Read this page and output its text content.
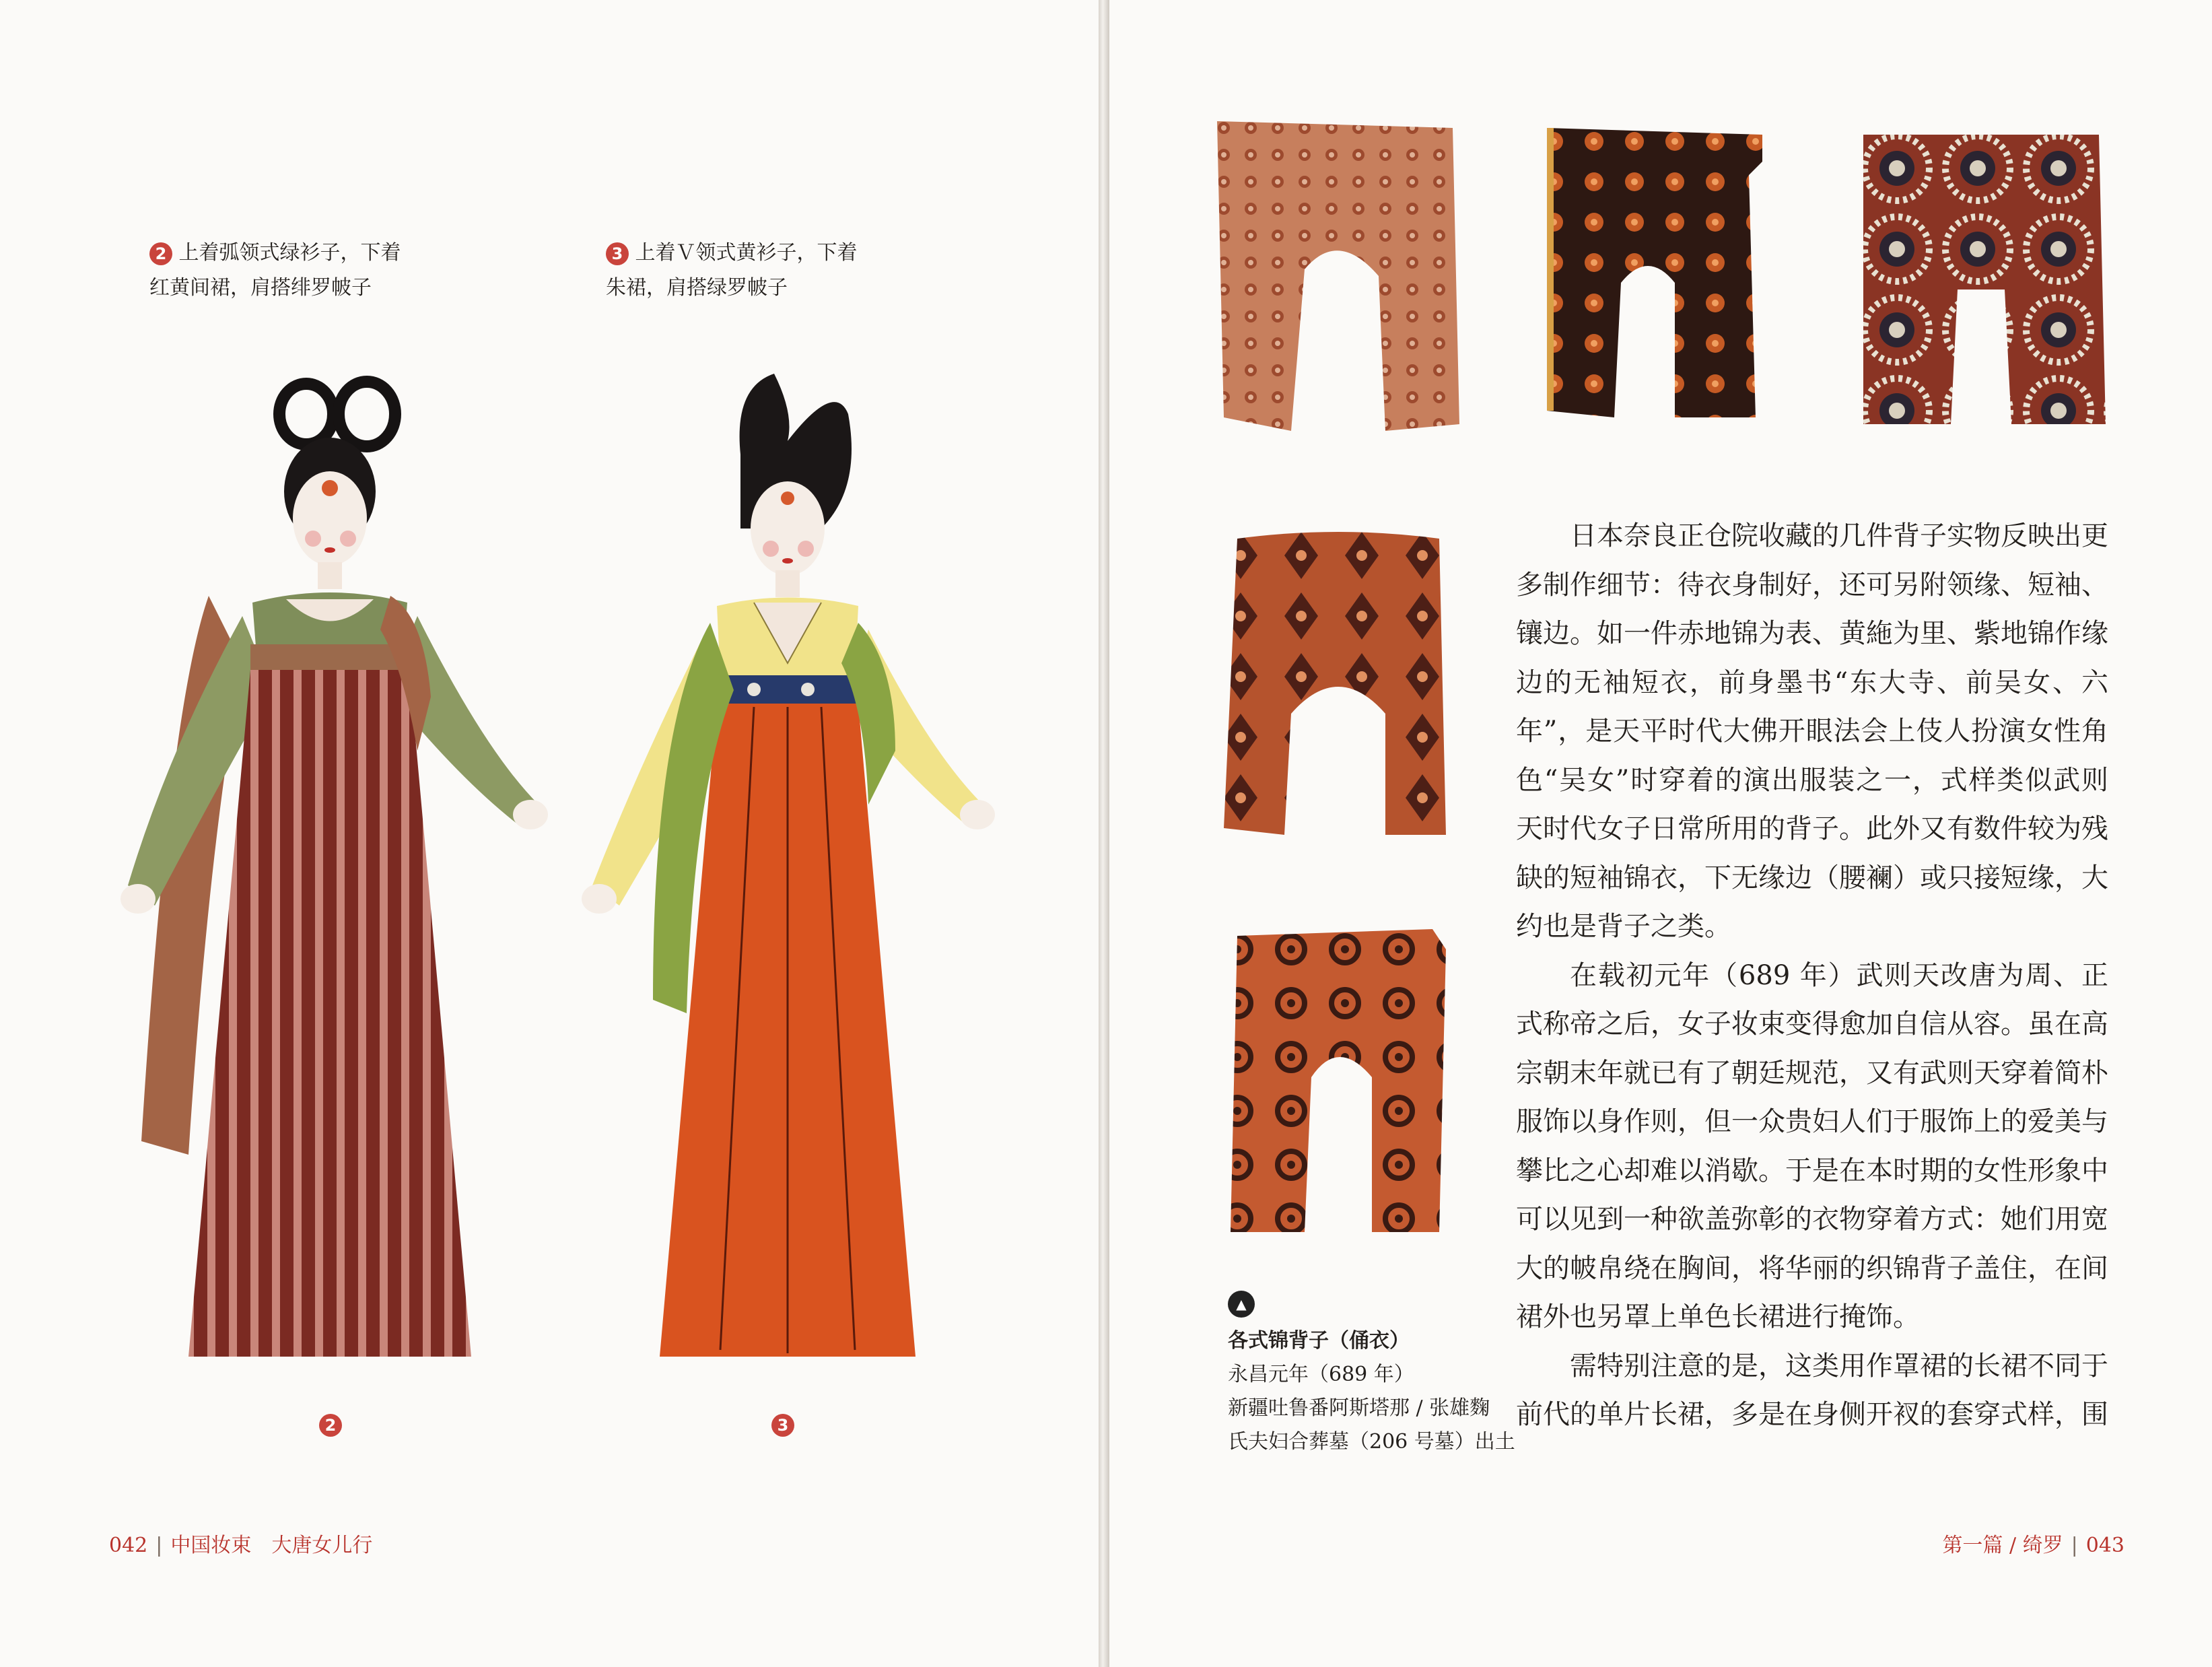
2 上着弧领式绿衫子，下着

红黄间裙，肩搭绯罗帔子

3 上着Ｖ领式黄衫子，下着

朱裙，肩搭绿罗帔子

2	3
042 | 中国妆束　大唐女儿行
▲

各式锦背子（俑衣）

永昌元年（689 年）

新疆吐鲁番阿斯塔那 / 张雄麴

氏夫妇合葬墓（206 号墓）出土

日本奈良正仓院收藏的几件背子实物反映出更多制作细节：待衣身制好，还可另附领缘、短袖、镶边。如一件赤地锦为表、黄絁为里、紫地锦作缘边的无袖短衣，前身墨书“东大寺、前吴女、六年”，是天平时代大佛开眼法会上伎人扮演女性角色“吴女”时穿着的演出服装之一，式样类似武则天时代女子日常所用的背子。此外又有数件较为残缺的短袖锦衣，下无缘边（腰襕）或只接短缘，大约也是背子之类。

在载初元年（689 年）武则天改唐为周、正式称帝之后，女子妆束变得愈加自信从容。虽在高宗朝末年就已有了朝廷规范，又有武则天穿着简朴服饰以身作则，但一众贵妇人们于服饰上的爱美与攀比之心却难以消歇。于是在本时期的女性形象中可以见到一种欲盖弥彰的衣物穿着方式：她们用宽大的帔帛绕在胸间，将华丽的织锦背子盖住，在间裙外也另罩上单色长裙进行掩饰。

需特别注意的是，这类用作罩裙的长裙不同于前代的单片长裙，多是在身侧开衩的套穿式样，围

第一篇 / 绮罗 | 043
